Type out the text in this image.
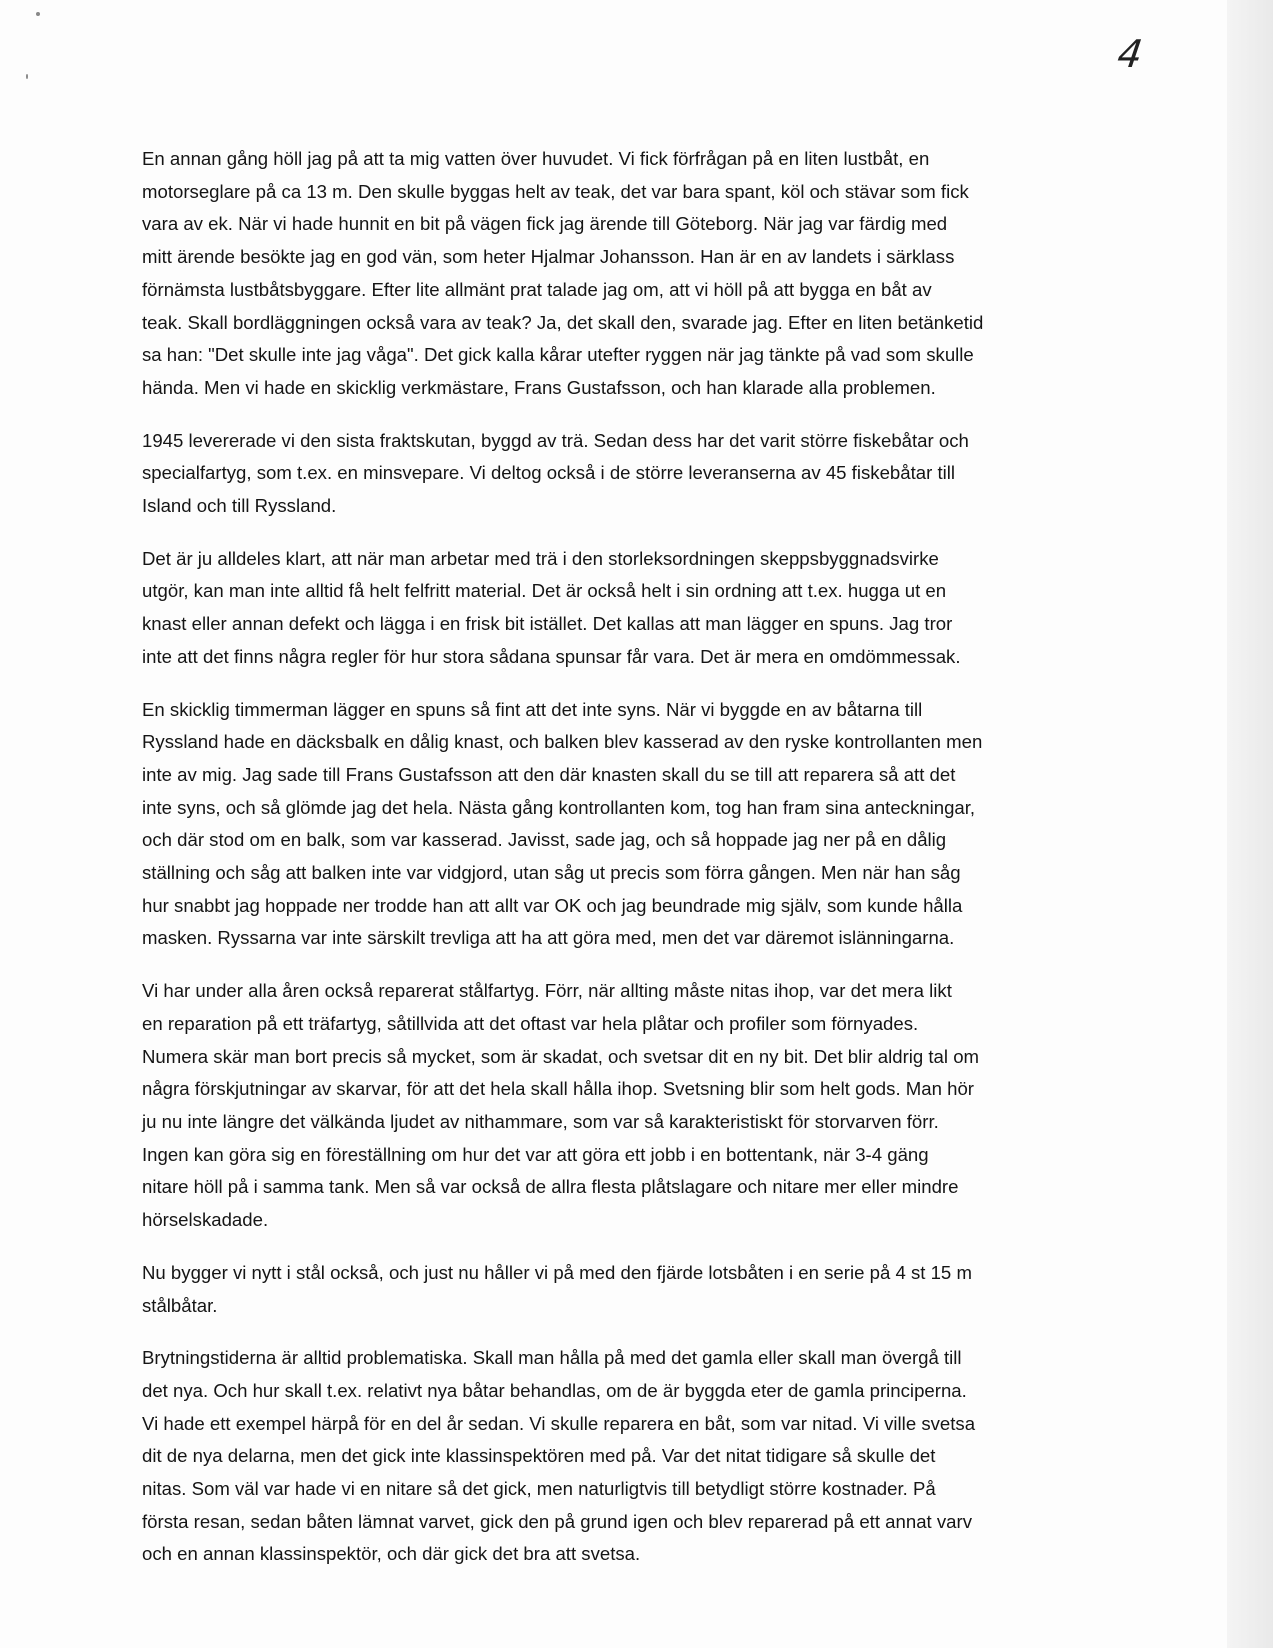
4

En annan gång höll jag på att ta mig vatten över huvudet. Vi fick förfrågan på en liten lustbåt, en
motorseglare på ca 13 m. Den skulle byggas helt av teak, det var bara spant, köl och stävar som fick
vara av ek. När vi hade hunnit en bit på vägen fick jag ärende till Göteborg. När jag var färdig med
mitt ärende besökte jag en god vän, som heter Hjalmar Johansson. Han är en av landets i särklass
förnämsta lustbåtsbyggare. Efter lite allmänt prat talade jag om, att vi höll på att bygga en båt av
teak. Skall bordläggningen också vara av teak? Ja, det skall den, svarade jag. Efter en liten betänketid
sa han: "Det skulle inte jag våga". Det gick kalla kårar utefter ryggen när jag tänkte på vad som skulle
hända. Men vi hade en skicklig verkmästare, Frans Gustafsson, och han klarade alla problemen.

1945 levererade vi den sista fraktskutan, byggd av trä. Sedan dess har det varit större fiskebåtar och
specialfartyg, som t.ex. en minsvepare. Vi deltog också i de större leveranserna av 45 fiskebåtar till
Island och till Ryssland.

Det är ju alldeles klart, att när man arbetar med trä i den storleksordningen skeppsbyggnadsvirke
utgör, kan man inte alltid få helt felfritt material. Det är också helt i sin ordning att t.ex. hugga ut en
knast eller annan defekt och lägga i en frisk bit istället. Det kallas att man lägger en spuns. Jag tror
inte att det finns några regler för hur stora sådana spunsar får vara. Det är mera en omdömmessak.

En skicklig timmerman lägger en spuns så fint att det inte syns. När vi byggde en av båtarna till
Ryssland hade en däcksbalk en dålig knast, och balken blev kasserad av den ryske kontrollanten men
inte av mig. Jag sade till Frans Gustafsson att den där knasten skall du se till att reparera så att det
inte syns, och så glömde jag det hela. Nästa gång kontrollanten kom, tog han fram sina anteckningar,
och där stod om en balk, som var kasserad. Javisst, sade jag, och så hoppade jag ner på en dålig
ställning och såg att balken inte var vidgjord, utan såg ut precis som förra gången. Men när han såg
hur snabbt jag hoppade ner trodde han att allt var OK och jag beundrade mig själv, som kunde hålla
masken. Ryssarna var inte särskilt trevliga att ha att göra med, men det var däremot islänningarna.

Vi har under alla åren också reparerat stålfartyg. Förr, när allting måste nitas ihop, var det mera likt
en reparation på ett träfartyg, såtillvida att det oftast var hela plåtar och profiler som förnyades.
Numera skär man bort precis så mycket, som är skadat, och svetsar dit en ny bit. Det blir aldrig tal om
några förskjutningar av skarvar, för att det hela skall hålla ihop. Svetsning blir som helt gods. Man hör
ju nu inte längre det välkända ljudet av nithammare, som var så karakteristiskt för storvarven förr.
Ingen kan göra sig en föreställning om hur det var att göra ett jobb i en bottentank, när 3-4 gäng
nitare höll på i samma tank. Men så var också de allra flesta plåtslagare och nitare mer eller mindre
hörselskadade.

Nu bygger vi nytt i stål också, och just nu håller vi på med den fjärde lotsbåten i en serie på 4 st 15 m
stålbåtar.

Brytningstiderna är alltid problematiska. Skall man hålla på med det gamla eller skall man övergå till
det nya. Och hur skall t.ex. relativt nya båtar behandlas, om de är byggda eter de gamla principerna.
Vi hade ett exempel härpå för en del år sedan. Vi skulle reparera en båt, som var nitad. Vi ville svetsa
dit de nya delarna, men det gick inte klassinspektören med på. Var det nitat tidigare så skulle det
nitas. Som väl var hade vi en nitare så det gick, men naturligtvis till betydligt större kostnader. På
första resan, sedan båten lämnat varvet, gick den på grund igen och blev reparerad på ett annat varv
och en annan klassinspektör, och där gick det bra att svetsa.
